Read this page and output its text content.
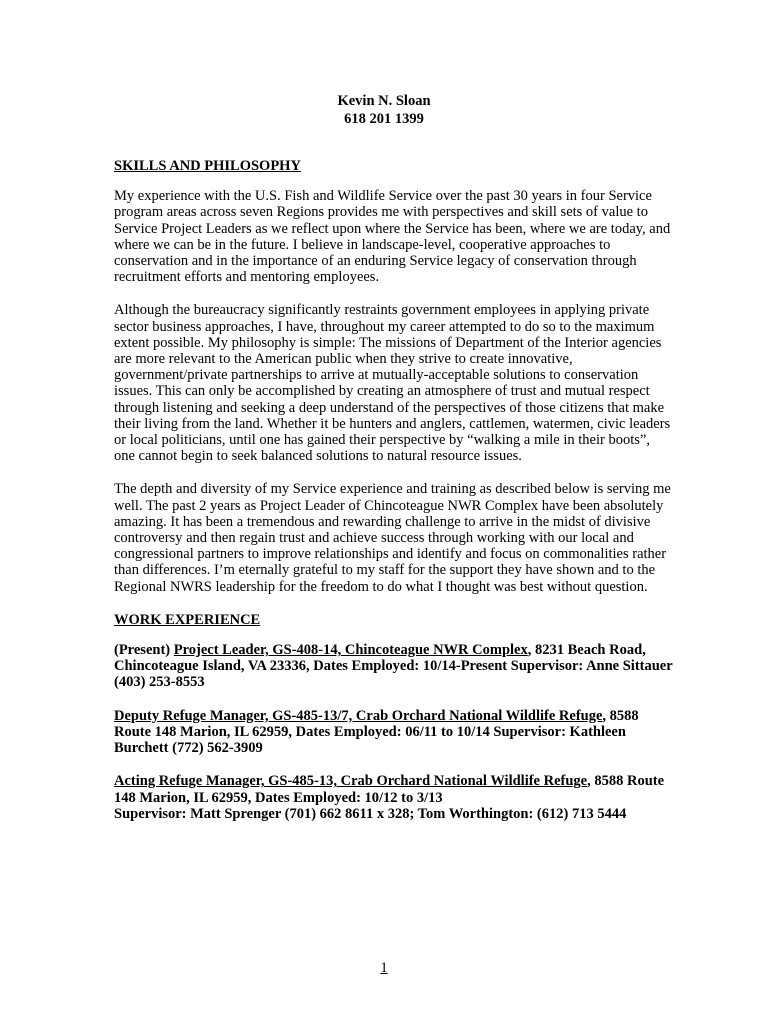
Kevin N. Sloan
618 201 1399
SKILLS AND PHILOSOPHY

My experience with the U.S. Fish and Wildlife Service over the past 30 years in four Service program areas across seven Regions provides me with perspectives and skill sets of value to Service Project Leaders as we reflect upon where the Service has been, where we are today, and where we can be in the future. I believe in landscape-level, cooperative approaches to conservation and in the importance of an enduring Service legacy of conservation through recruitment efforts and mentoring employees.

Although the bureaucracy significantly restraints government employees in applying private sector business approaches, I have, throughout my career attempted to do so to the maximum extent possible. My philosophy is simple: The missions of Department of the Interior agencies are more relevant to the American public when they strive to create innovative, government/private partnerships to arrive at mutually-acceptable solutions to conservation issues. This can only be accomplished by creating an atmosphere of trust and mutual respect through listening and seeking a deep understand of the perspectives of those citizens that make their living from the land. Whether it be hunters and anglers, cattlemen, watermen, civic leaders or local politicians, until one has gained their perspective by “walking a mile in their boots”, one cannot begin to seek balanced solutions to natural resource issues.

The depth and diversity of my Service experience and training as described below is serving me well. The past 2 years as Project Leader of Chincoteague NWR Complex have been absolutely amazing. It has been a tremendous and rewarding challenge to arrive in the midst of divisive controversy and then regain trust and achieve success through working with our local and congressional partners to improve relationships and identify and focus on commonalities rather than differences. I’m eternally grateful to my staff for the support they have shown and to the Regional NWRS leadership for the freedom to do what I thought was best without question.

WORK EXPERIENCE
(Present) Project Leader, GS-408-14, Chincoteague NWR Complex, 8231 Beach Road, Chincoteague Island, VA 23336, Dates Employed: 10/14-Present Supervisor: Anne Sittauer (403) 253-8553
Deputy Refuge Manager, GS-485-13/7, Crab Orchard National Wildlife Refuge, 8588 Route 148 Marion, IL 62959, Dates Employed: 06/11 to 10/14 Supervisor: Kathleen Burchett (772) 562-3909
Acting Refuge Manager, GS-485-13, Crab Orchard National Wildlife Refuge, 8588 Route 148 Marion, IL 62959, Dates Employed: 10/12 to 3/13
Supervisor: Matt Sprenger (701) 662 8611 x 328; Tom Worthington: (612) 713 5444
1
